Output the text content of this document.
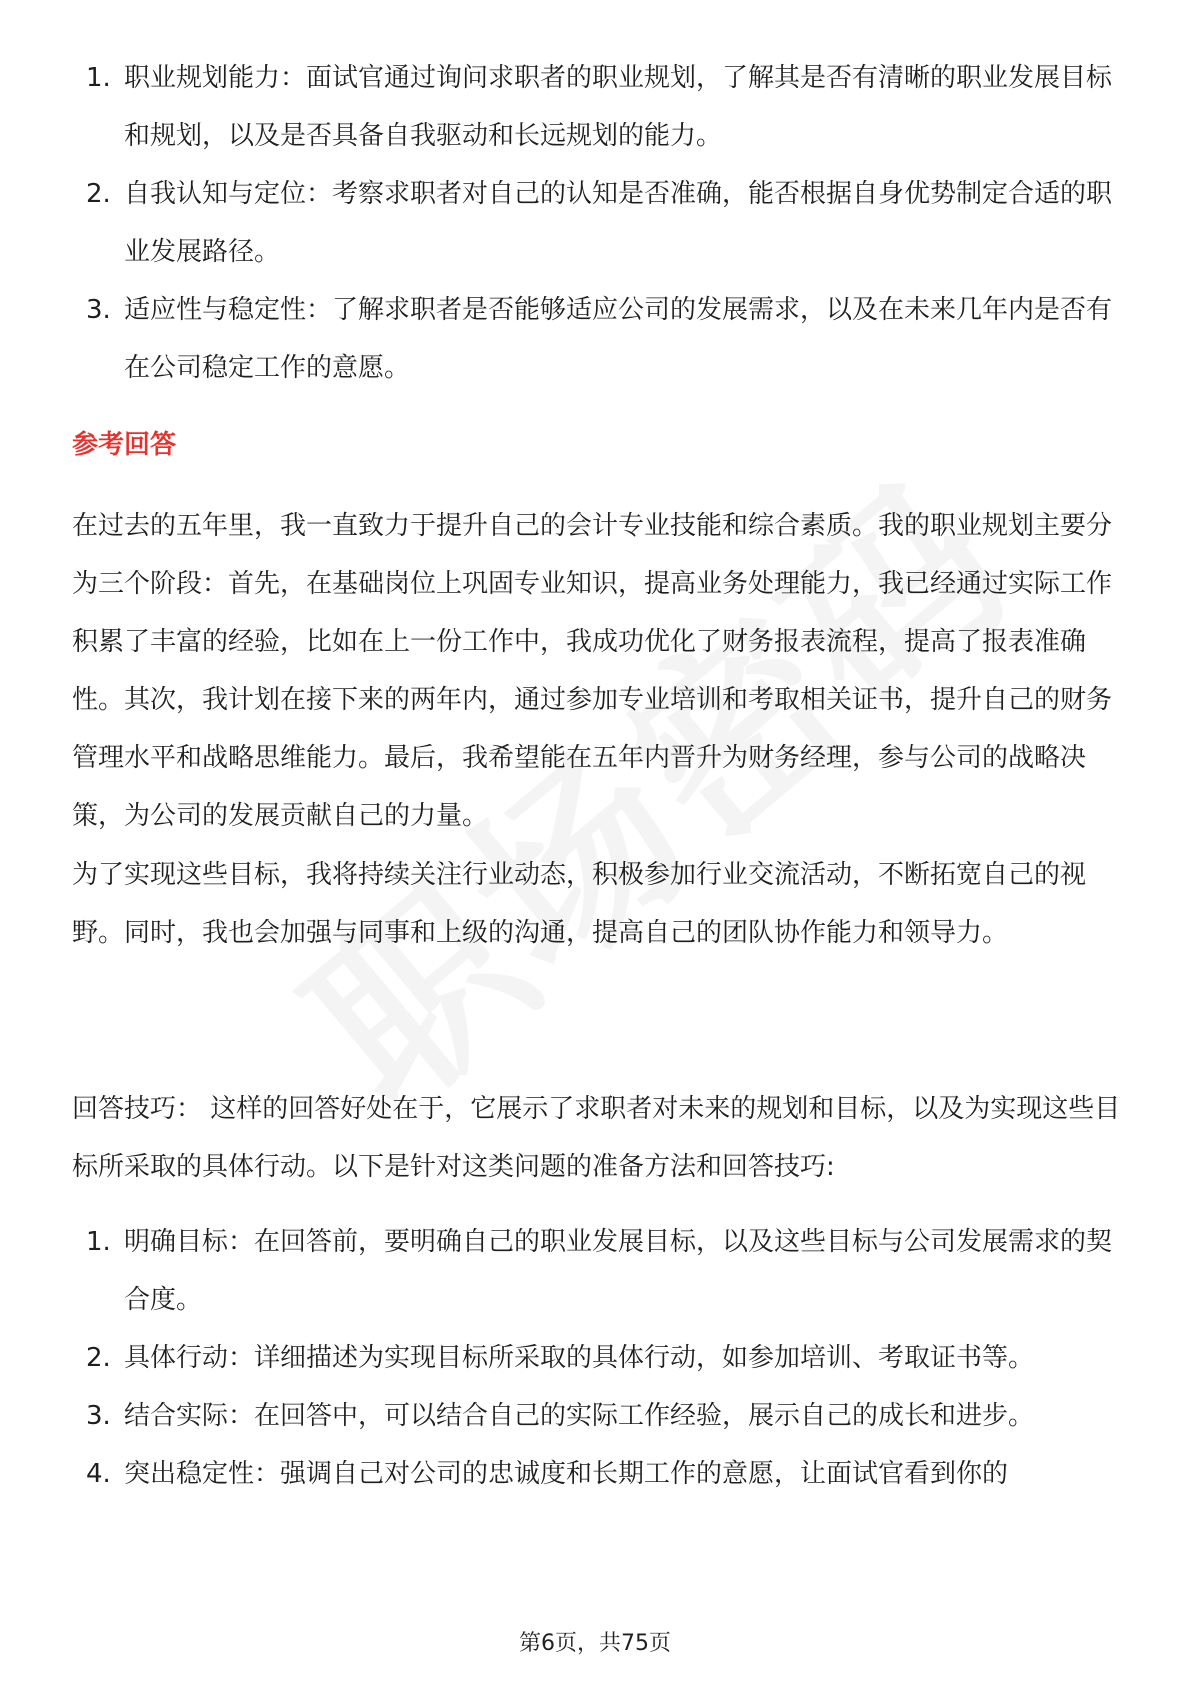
1. 职业规划能力：面试官通过询问求职者的职业规划，了解其是否有清晰的职业发展目标和规划，以及是否具备自我驱动和长远规划的能力。
2. 自我认知与定位：考察求职者对自己的认知是否准确，能否根据自身优势制定合适的职业发展路径。
3. 适应性与稳定性：了解求职者是否能够适应公司的发展需求，以及在未来几年内是否有在公司稳定工作的意愿。
参考回答

在过去的五年里，我一直致力于提升自己的会计专业技能和综合素质。我的职业规划主要分为三个阶段：首先，在基础岗位上巩固专业知识，提高业务处理能力，我已经通过实际工作积累了丰富的经验，比如在上一份工作中，我成功优化了财务报表流程，提高了报表准确性。其次，我计划在接下来的两年内，通过参加专业培训和考取相关证书，提升自己的财务管理水平和战略思维能力。最后，我希望能在五年内晋升为财务经理，参与公司的战略决策，为公司的发展贡献自己的力量。

为了实现这些目标，我将持续关注行业动态，积极参加行业交流活动，不断拓宽自己的视野。同时，我也会加强与同事和上级的沟通，提高自己的团队协作能力和领导力。

回答技巧： 这样的回答好处在于，它展示了求职者对未来的规划和目标，以及为实现这些目标所采取的具体行动。以下是针对这类问题的准备方法和回答技巧:

1. 明确目标：在回答前，要明确自己的职业发展目标，以及这些目标与公司发展需求的契合度。
2. 具体行动：详细描述为实现目标所采取的具体行动，如参加培训、考取证书等。
3. 结合实际：在回答中，可以结合自己的实际工作经验，展示自己的成长和进步。
4. 突出稳定性：强调自己对公司的忠诚度和长期工作的意愿，让面试官看到你的
第6页，共75页
